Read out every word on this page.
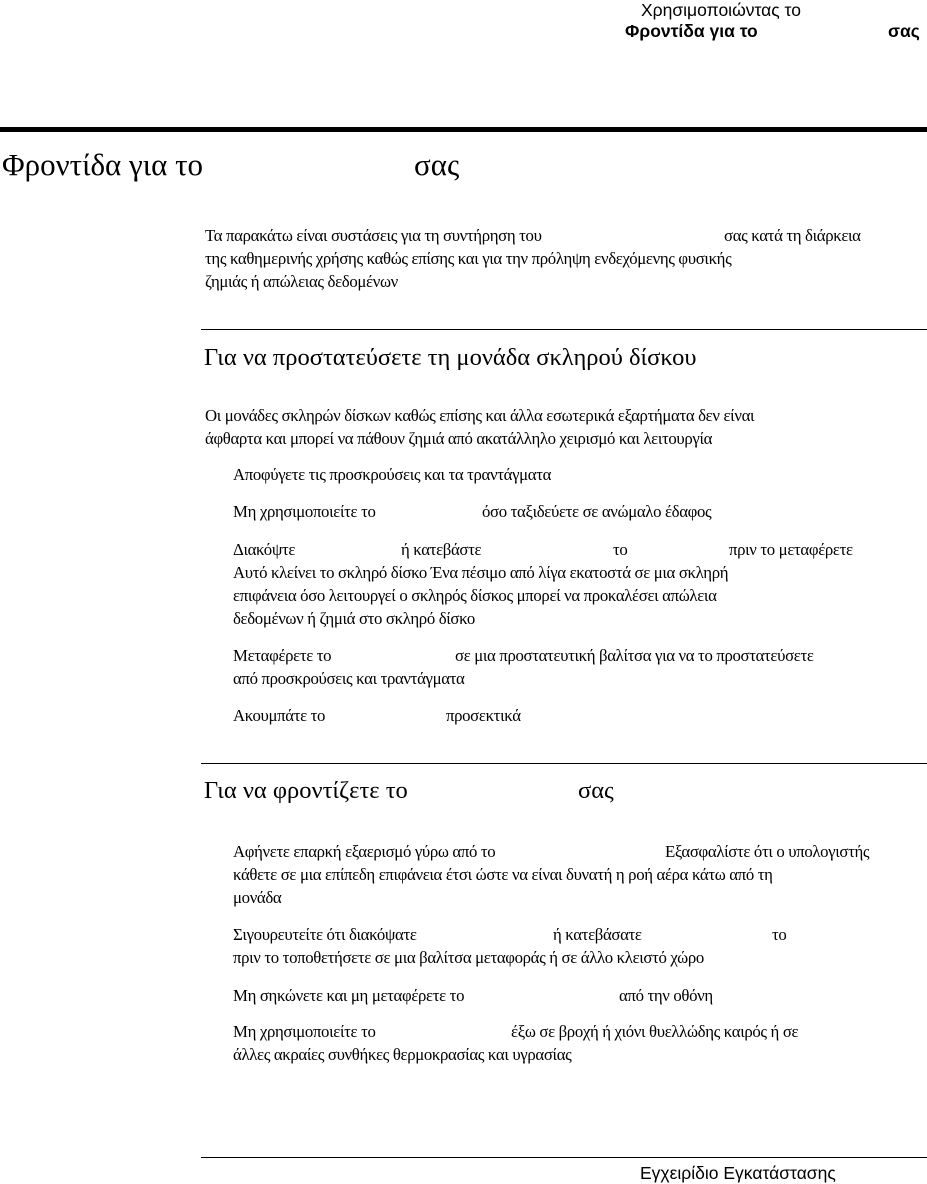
Χρησιμοποιώντας το
Φροντίδα για το	σας
Φροντίδα για το	σας
Τα παρακάτω είναι συστάσεις για τη συντήρηση του	σας κατά τη διάρκεια
της καθημερινής χρήσης καθώς επίσης και για την πρόληψη ενδεχόμενης φυσικής
ζημιάς ή απώλειας δεδομένων
Για να προστατεύσετε τη μονάδα σκληρού δίσκου
Οι μονάδες σκληρών δίσκων καθώς επίσης και άλλα εσωτερικά εξαρτήματα δεν είναι
άφθαρτα και μπορεί να πάθουν ζημιά από ακατάλληλο χειρισμό και λειτουργία
Αποφύγετε τις προσκρούσεις και τα τραντάγματα
Μη χρησιμοποιείτε το	όσο ταξιδεύετε σε ανώμαλο έδαφος
Διακόψτε	ή κατεβάστε	το	πριν το μεταφέρετε
Αυτό κλείνει το σκληρό δίσκο Ένα πέσιμο από λίγα εκατοστά σε μια σκληρή
επιφάνεια όσο λειτουργεί ο σκληρός δίσκος μπορεί να προκαλέσει απώλεια
δεδομένων ή ζημιά στο σκληρό δίσκο
Μεταφέρετε το	σε μια προστατευτική βαλίτσα για να το προστατεύσετε
από προσκρούσεις και τραντάγματα
Ακουμπάτε το	προσεκτικά
Για να φροντίζετε το	σας
Αφήνετε επαρκή εξαερισμό γύρω από το	Εξασφαλίστε ότι ο υπολογιστής
κάθετε σε μια επίπεδη επιφάνεια έτσι ώστε να είναι δυνατή η ροή αέρα κάτω από τη
μονάδα
Σιγουρευτείτε ότι διακόψατε	ή κατεβάσατε	το
πριν το τοποθετήσετε σε μια βαλίτσα μεταφοράς ή σε άλλο κλειστό χώρο
Μη σηκώνετε και μη μεταφέρετε το	από την οθόνη
Μη χρησιμοποιείτε το	έξω σε βροχή ή χιόνι θυελλώδης καιρός ή σε
άλλες ακραίες συνθήκες θερμοκρασίας και υγρασίας
Εγχειρίδιο Εγκατάστασης
